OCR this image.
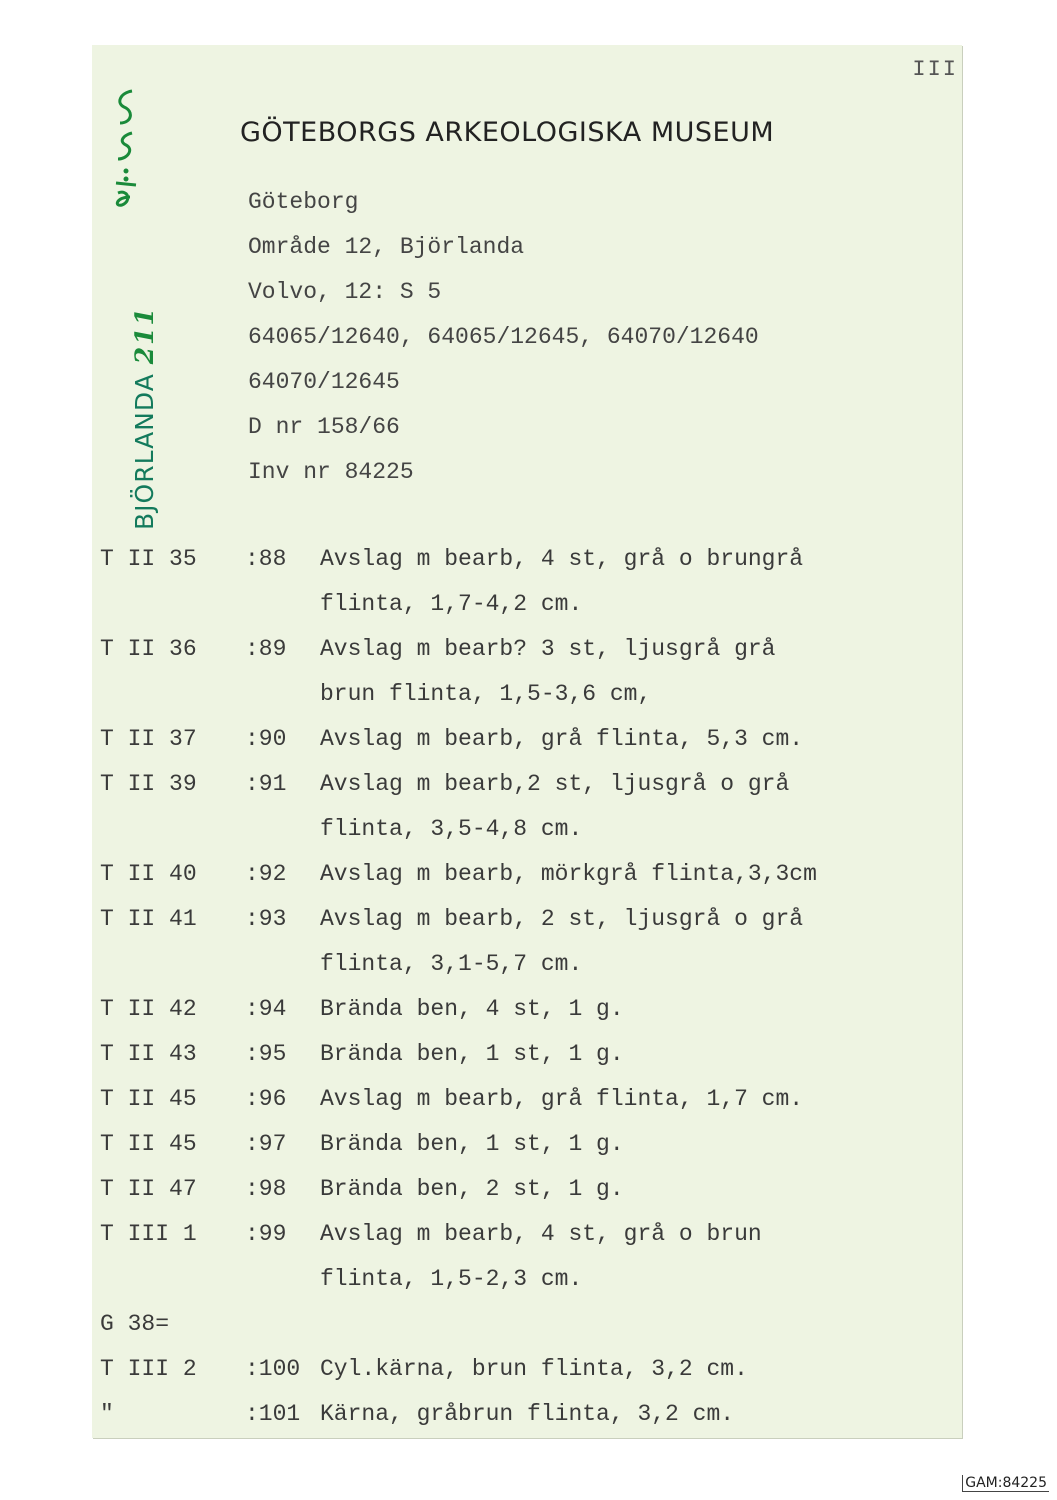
III
BJÖRLANDA 211
GÖTEBORGS ARKEOLOGISKA MUSEUM
Göteborg
Område 12, Björlanda
Volvo, 12: S 5
64065/12640, 64065/12645, 64070/12640
64070/12645
D nr 158/66
Inv nr 84225
T II 35	:88	Avslag m bearb, 4 st, grå o brungrå
flinta, 1,7-4,2 cm.
T II 36	:89	Avslag m bearb? 3 st, ljusgrå grå
brun flinta, 1,5-3,6 cm,
T II 37	:90	Avslag m bearb, grå flinta, 5,3 cm.
T II 39	:91	Avslag m bearb,2 st, ljusgrå o grå
flinta, 3,5-4,8 cm.
T II 40	:92	Avslag m bearb, mörkgrå flinta,3,3cm
T II 41	:93	Avslag m bearb, 2 st, ljusgrå o grå
flinta, 3,1-5,7 cm.
T II 42	:94	Brända ben, 4 st, 1 g.
T II 43	:95	Brända ben, 1 st, 1 g.
T II 45	:96	Avslag m bearb, grå flinta, 1,7 cm.
T II 45	:97	Brända ben, 1 st, 1 g.
T II 47	:98	Brända ben, 2 st, 1 g.
T III 1	:99	Avslag m bearb, 4 st, grå o brun
flinta, 1,5-2,3 cm.
G 38=
T III 2	:100 Cyl.kärna, brun flinta, 3,2 cm.
"	:101 Kärna, gråbrun flinta, 3,2 cm.
GAM:84225
